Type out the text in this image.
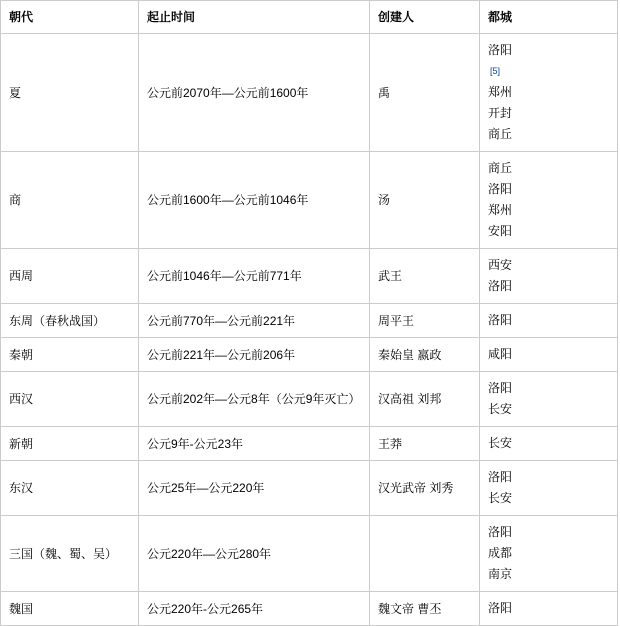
朝代	起止时间	创建人	都城
夏	公元前2070年—公元前1600年	禹	洛阳
[5]
郑州
开封
商丘

商	公元前1600年—公元前1046年	汤	商丘
洛阳
郑州
安阳

西周	公元前1046年—公元前771年	武王	西安
洛阳

东周（春秋战国）	公元前770年—公元前221年	周平王	洛阳

秦朝	公元前221年—公元前206年	秦始皇 嬴政	咸阳

西汉	公元前202年—公元8年（公元9年灭亡）	汉高祖 刘邦	洛阳
长安

新朝	公元9年-公元23年	王莽	长安

东汉	公元25年—公元220年	汉光武帝 刘秀	洛阳
长安

三国（魏、蜀、吴）	公元220年—公元280年		洛阳
成都
南京

魏国	公元220年-公元265年	魏文帝 曹丕	洛阳
